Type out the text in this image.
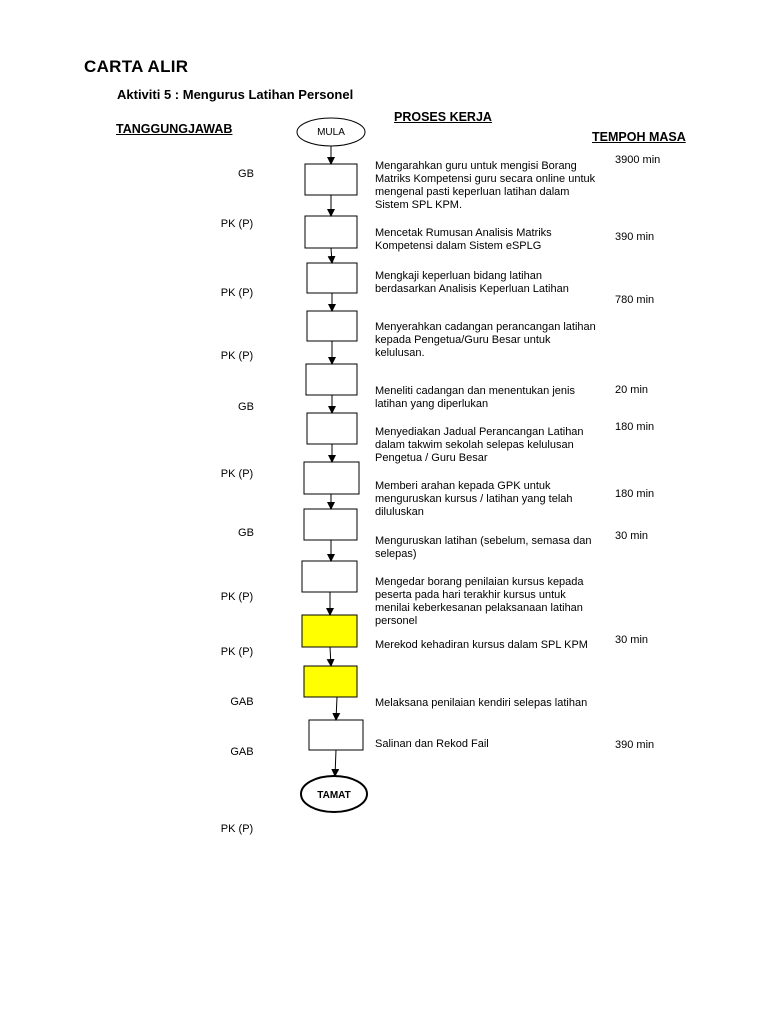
CARTA ALIR
Aktiviti 5 : Mengurus Latihan Personel
TANGGUNGJAWAB
PROSES KERJA
TEMPOH MASA
MULA
TAMAT
GB
PK (P)
PK (P)
PK (P)
GB
PK (P)
GB
PK (P)
PK (P)
GAB
GAB
PK (P)
Mengarahkan guru untuk mengisi Borang Matriks Kompetensi guru secara online untuk mengenal pasti keperluan latihan dalam Sistem SPL KPM.
Mencetak Rumusan Analisis Matriks Kompetensi dalam Sistem eSPLG
Mengkaji keperluan bidang latihan berdasarkan Analisis Keperluan Latihan
Menyerahkan cadangan perancangan latihan kepada Pengetua/Guru Besar untuk kelulusan.
Meneliti cadangan dan menentukan jenis latihan yang diperlukan
Menyediakan Jadual Perancangan Latihan dalam takwim sekolah selepas kelulusan Pengetua / Guru Besar
Memberi arahan kepada GPK untuk menguruskan kursus / latihan yang telah diluluskan
Menguruskan latihan (sebelum, semasa dan selepas)
Mengedar borang penilaian kursus kepada peserta pada hari terakhir kursus untuk menilai keberkesanan pelaksanaan latihan personel
Merekod kehadiran kursus dalam SPL KPM
Melaksana penilaian kendiri selepas latihan
Salinan dan Rekod Fail
3900 min
390 min
780 min
20 min
180 min
180 min
30 min
30 min
390 min
